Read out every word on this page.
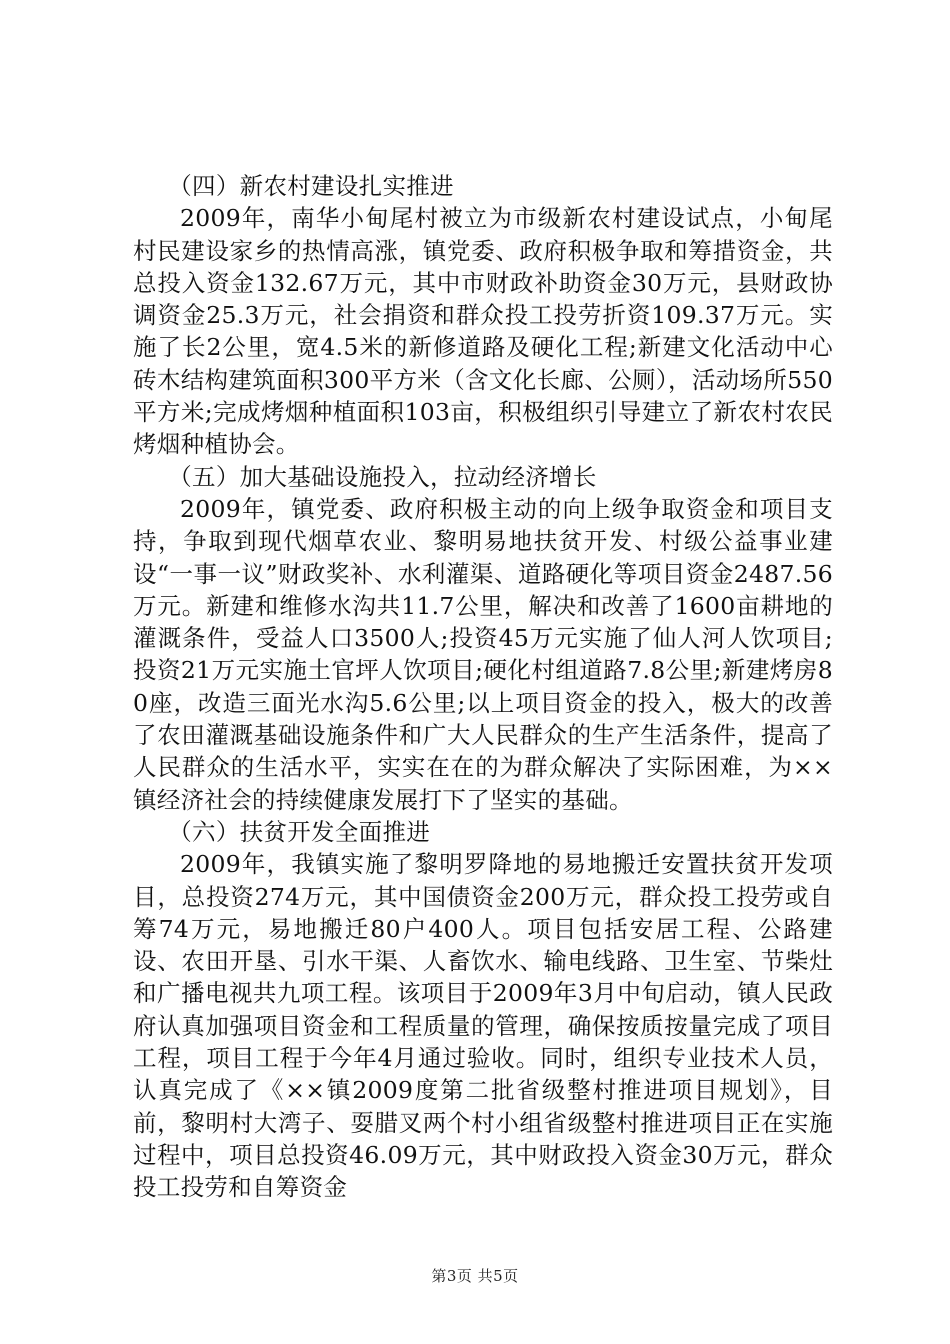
（四）新农村建设扎实推进

2009年，南华小甸尾村被立为市级新农村建设试点，小甸尾村民建设家乡的热情高涨，镇党委、政府积极争取和筹措资金，共总投入资金132.67万元，其中市财政补助资金30万元，县财政协调资金25.3万元，社会捐资和群众投工投劳折资109.37万元。实施了长2公里，宽4.5米的新修道路及硬化工程;新建文化活动中心砖木结构建筑面积300平方米（含文化长廊、公厕），活动场所550平方米;完成烤烟种植面积103亩，积极组织引导建立了新农村农民烤烟种植协会。

（五）加大基础设施投入，拉动经济增长

2009年，镇党委、政府积极主动的向上级争取资金和项目支持，争取到现代烟草农业、黎明易地扶贫开发、村级公益事业建设“一事一议”财政奖补、水利灌渠、道路硬化等项目资金2487.56万元。新建和维修水沟共11.7公里，解决和改善了1600亩耕地的灌溉条件，受益人口3500人;投资45万元实施了仙人河人饮项目;投资21万元实施土官坪人饮项目;硬化村组道路7.8公里;新建烤房80座，改造三面光水沟5.6公里;以上项目资金的投入，极大的改善了农田灌溉基础设施条件和广大人民群众的生产生活条件，提高了人民群众的生活水平，实实在在的为群众解决了实际困难，为××镇经济社会的持续健康发展打下了坚实的基础。

（六）扶贫开发全面推进

2009年，我镇实施了黎明罗降地的易地搬迁安置扶贫开发项目，总投资274万元，其中国债资金200万元，群众投工投劳或自筹74万元，易地搬迁80户400人。项目包括安居工程、公路建设、农田开垦、引水干渠、人畜饮水、输电线路、卫生室、节柴灶和广播电视共九项工程。该项目于2009年3月中旬启动，镇人民政府认真加强项目资金和工程质量的管理，确保按质按量完成了项目工程，项目工程于今年4月通过验收。同时，组织专业技术人员，认真完成了《××镇2009度第二批省级整村推进项目规划》，目前，黎明村大湾子、耍腊叉两个村小组省级整村推进项目正在实施过程中，项目总投资46.09万元，其中财政投入资金30万元，群众投工投劳和自筹资金

第3页 共5页
